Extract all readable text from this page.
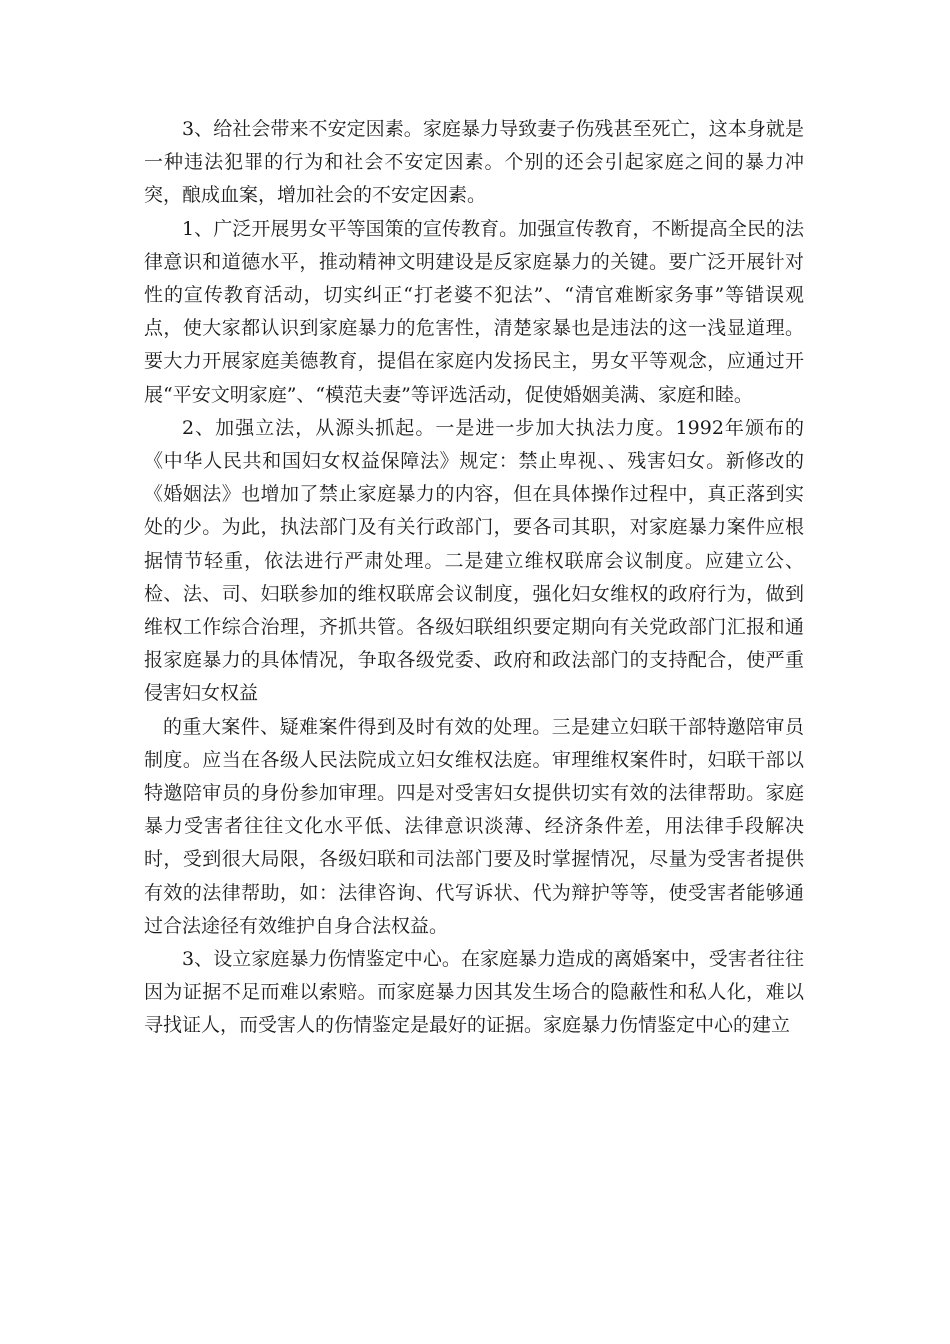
3、给社会带来不安定因素。家庭暴力导致妻子伤残甚至死亡，这本身就是一种违法犯罪的行为和社会不安定因素。个别的还会引起家庭之间的暴力冲突，酿成血案，增加社会的不安定因素。

1、广泛开展男女平等国策的宣传教育。加强宣传教育，不断提高全民的法律意识和道德水平，推动精神文明建设是反家庭暴力的关键。要广泛开展针对性的宣传教育活动，切实纠正“打老婆不犯法”、“清官难断家务事”等错误观点，使大家都认识到家庭暴力的危害性，清楚家暴也是违法的这一浅显道理。要大力开展家庭美德教育，提倡在家庭内发扬民主，男女平等观念，应通过开展“平安文明家庭”、“模范夫妻”等评选活动，促使婚姻美满、家庭和睦。

2、加强立法，从源头抓起。一是进一步加大执法力度。1992年颁布的《中华人民共和国妇女权益保障法》规定：禁止卑视、、残害妇女。新修改的《婚姻法》也增加了禁止家庭暴力的内容，但在具体操作过程中，真正落到实处的少。为此，执法部门及有关行政部门，要各司其职，对家庭暴力案件应根据情节轻重，依法进行严肃处理。二是建立维权联席会议制度。应建立公、检、法、司、妇联参加的维权联席会议制度，强化妇女维权的政府行为，做到维权工作综合治理，齐抓共管。各级妇联组织要定期向有关党政部门汇报和通报家庭暴力的具体情况，争取各级党委、政府和政法部门的支持配合，使严重侵害妇女权益

的重大案件、疑难案件得到及时有效的处理。三是建立妇联干部特邀陪审员制度。应当在各级人民法院成立妇女维权法庭。审理维权案件时，妇联干部以特邀陪审员的身份参加审理。四是对受害妇女提供切实有效的法律帮助。家庭暴力受害者往往文化水平低、法律意识淡薄、经济条件差，用法律手段解决时，受到很大局限，各级妇联和司法部门要及时掌握情况，尽量为受害者提供有效的法律帮助，如：法律咨询、代写诉状、代为辩护等等，使受害者能够通过合法途径有效维护自身合法权益。

3、设立家庭暴力伤情鉴定中心。在家庭暴力造成的离婚案中，受害者往往因为证据不足而难以索赔。而家庭暴力因其发生场合的隐蔽性和私人化，难以寻找证人，而受害人的伤情鉴定是最好的证据。家庭暴力伤情鉴定中心的建立
